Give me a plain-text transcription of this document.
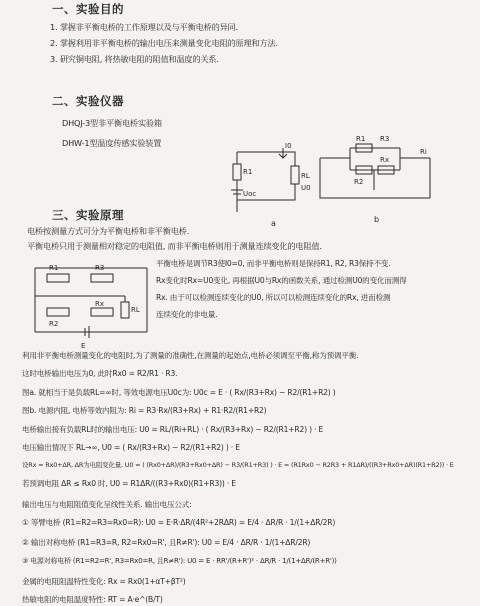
一、实验目的
1. 掌握非平衡电桥的工作原理以及与平衡电桥的异同.
2. 掌握利用非平衡电桥的输出电压来测量变化电阻的原理和方法.
3. 研究铜电阻, 将热敏电阻的阻值和温度的关系.
二、实验仪器
DHQJ-3型非平衡电桥实验箱
DHW-1型温度传感实验装置
R1
I0
RL
U0
Uoc
a
R1 R3
R2
Rx
Ri
b
三、实验原理
电桥按测量方式可分为平衡电桥和非平衡电桥.
平衡电桥只用于测量相对稳定的电阻值, 而非平衡电桥则用于测量连续变化的电阻值.
R1	R3
R2
Rx
RL
E
平衡电桥是调节R3使I0=0, 而非平衡电桥则是保持R1, R2, R3保持不变.
Rx变化时Rx=U0变化, 再根据U0与Rx的函数关系, 通过检测U0的变化而测得
Rx. 由于可以检测连续变化的U0, 所以可以检测连续变化的Rx, 进而检测
连续变化的非电量.
利用非平衡电桥测量变化的电阻时,为了测量的准确性,在测量的起始点,电桥必须调至平衡,称为预调平衡.
这时电桥输出电压为0, 此时Rx0 = R2/R1 · R3.
图a. 就相当于是负载RL=∞时, 等效电源电压U0c为: U0c = E · ( Rx/(R3+Rx) − R2/(R1+R2) )
图b. 电源内阻, 电桥等效内阻为: Ri = R3·Rx/(R3+Rx) + R1·R2/(R1+R2)
电桥输出接有负载RL时的输出电压: U0 = RL/(Ri+RL) · ( Rx/(R3+Rx) − R2/(R1+R2) ) · E
电压输出情况下 RL→∞, U0 = ( Rx/(R3+Rx) − R2/(R1+R2) ) · E
设Rx = Rx0+ΔR, ΔR为电阻变化量, U0 = ( (Rx0+ΔR)/(R3+Rx0+ΔR) − R3/(R1+R3) ) · E = (R1Rx0 − R2R3 + R1ΔR)/((R3+Rx0+ΔR)(R1+R2)) · E
若预调电阻 ΔR ≤ Rx0 时, U0 = R1ΔR/((R3+Rx0)(R1+R3)) · E
输出电压与电阻阻值变化呈线性关系. 输出电压公式:
① 等臂电桥 (R1=R2=R3=Rx0=R): U0 = E·R·ΔR/(4R²+2RΔR) = E/4 · ΔR/R · 1/(1+ΔR/2R)
② 输出对称电桥 (R1=R3=R, R2=Rx0=R', 且R≠R'): U0 = E/4 · ΔR/R · 1/(1+ΔR/2R)
③ 电源对称电桥 (R1=R2=R', R3=Rx0=R, 且R≠R'): U0 = E · RR'/(R+R')² · ΔR/R · 1/(1+ΔR/(R+R'))
金属的电阻阻温特性变化: Rx = Rx0(1+αT+βT²)
热敏电阻的电阻温度特性: RT = A·e^(B/T)
